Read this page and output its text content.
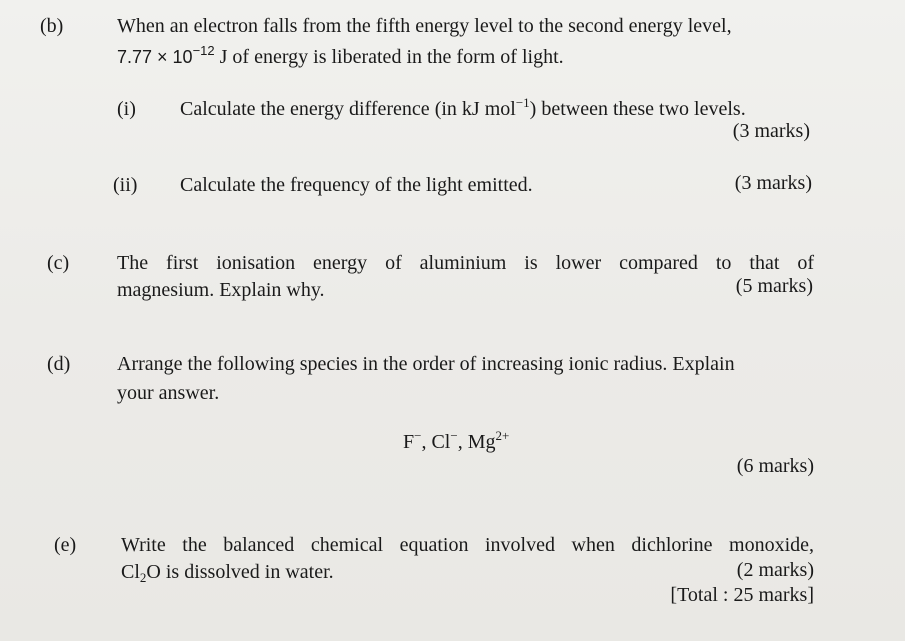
(b)	When an electron falls from the fifth energy level to the second energy level,
$7.77 \times 10^{-12}$ J of energy is liberated in the form of light.
(i) Calculate the energy difference (in kJ mol$^{-1}$) between these two levels.
(3 marks)
(ii) Calculate the frequency of the light emitted.	(3 marks)
(c) The first ionisation energy of aluminium is lower compared to that of
magnesium. Explain why.	(5 marks)
(d) Arrange the following species in the order of increasing ionic radius. Explain
your answer.
F−, Cl−, $Mg^{2+}$
(6 marks)
(e) Write the balanced chemical equation involved when dichlorine monoxide,
$Cl_2O$ is dissolved in water.	(2 marks)
[Total : 25 marks]
